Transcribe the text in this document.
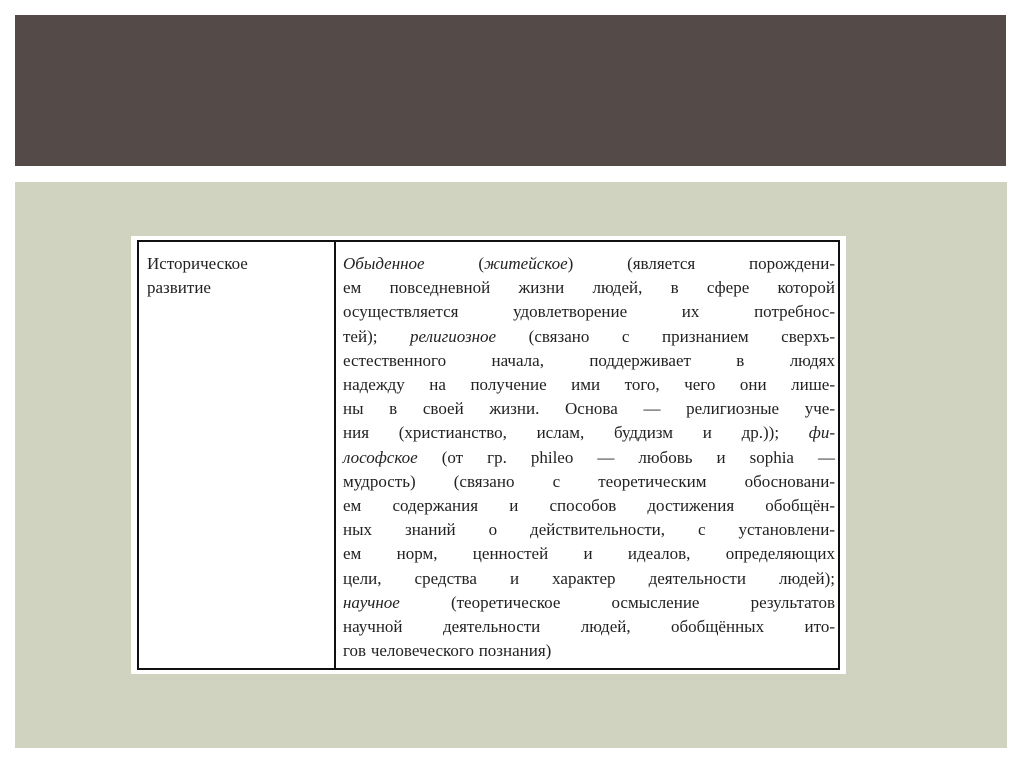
Историческое
развитие
Обыденное (житейское) (является порождени-
ем повседневной жизни людей, в сфере которой
осуществляется удовлетворение их потребнос-
тей); религиозное (связано с признанием сверхъ-
естественного начала, поддерживает в людях
надежду на получение ими того, чего они лише-
ны в своей жизни. Основа — религиозные уче-
ния (христианство, ислам, буддизм и др.)); фи-
лософское (от гр. phileo — любовь и sophia —
мудрость) (связано с теоретическим обосновани-
ем содержания и способов достижения обобщён-
ных знаний о действительности, с установлени-
ем норм, ценностей и идеалов, определяющих
цели, средства и характер деятельности людей);
научное (теоретическое осмысление результатов
научной деятельности людей, обобщённых ито-
гов человеческого познания)
